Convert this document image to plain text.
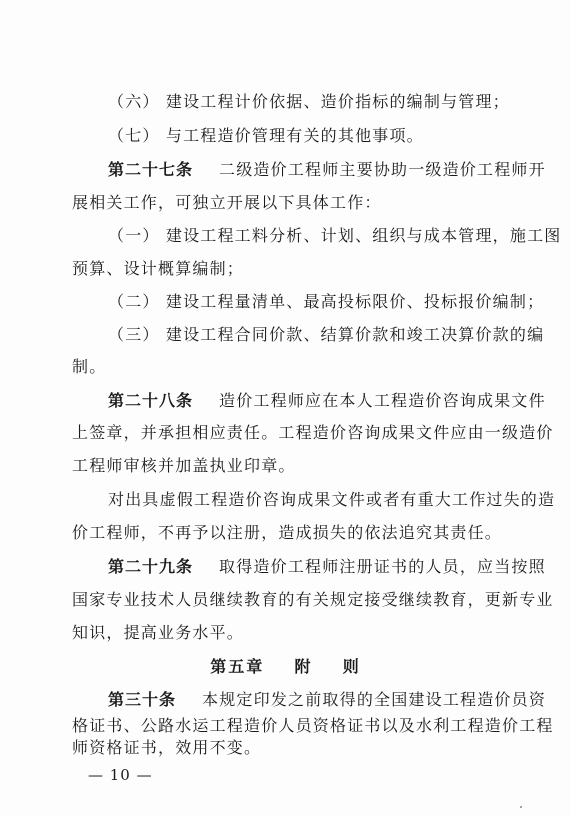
（六） 建设工程计价依据、造价指标的编制与管理；
（七） 与工程造价管理有关的其他事项。
第二十七条 二级造价工程师主要协助一级造价工程师开
展相关工作，可独立开展以下具体工作：
（一） 建设工程工料分析、计划、组织与成本管理，施工图
预算、设计概算编制；
（二） 建设工程量清单、最高投标限价、投标报价编制；
（三） 建设工程合同价款、结算价款和竣工决算价款的编
制。
第二十八条 造价工程师应在本人工程造价咨询成果文件
上签章，并承担相应责任。工程造价咨询成果文件应由一级造价
工程师审核并加盖执业印章。
对出具虚假工程造价咨询成果文件或者有重大工作过失的造
价工程师，不再予以注册，造成损失的依法追究其责任。
第二十九条 取得造价工程师注册证书的人员，应当按照
国家专业技术人员继续教育的有关规定接受继续教育，更新专业
知识，提高业务水平。
第五章    附    则
第三十条 本规定印发之前取得的全国建设工程造价员资
格证书、公路水运工程造价人员资格证书以及水利工程造价工程
— 10 —
师资格证书，效用不变。
